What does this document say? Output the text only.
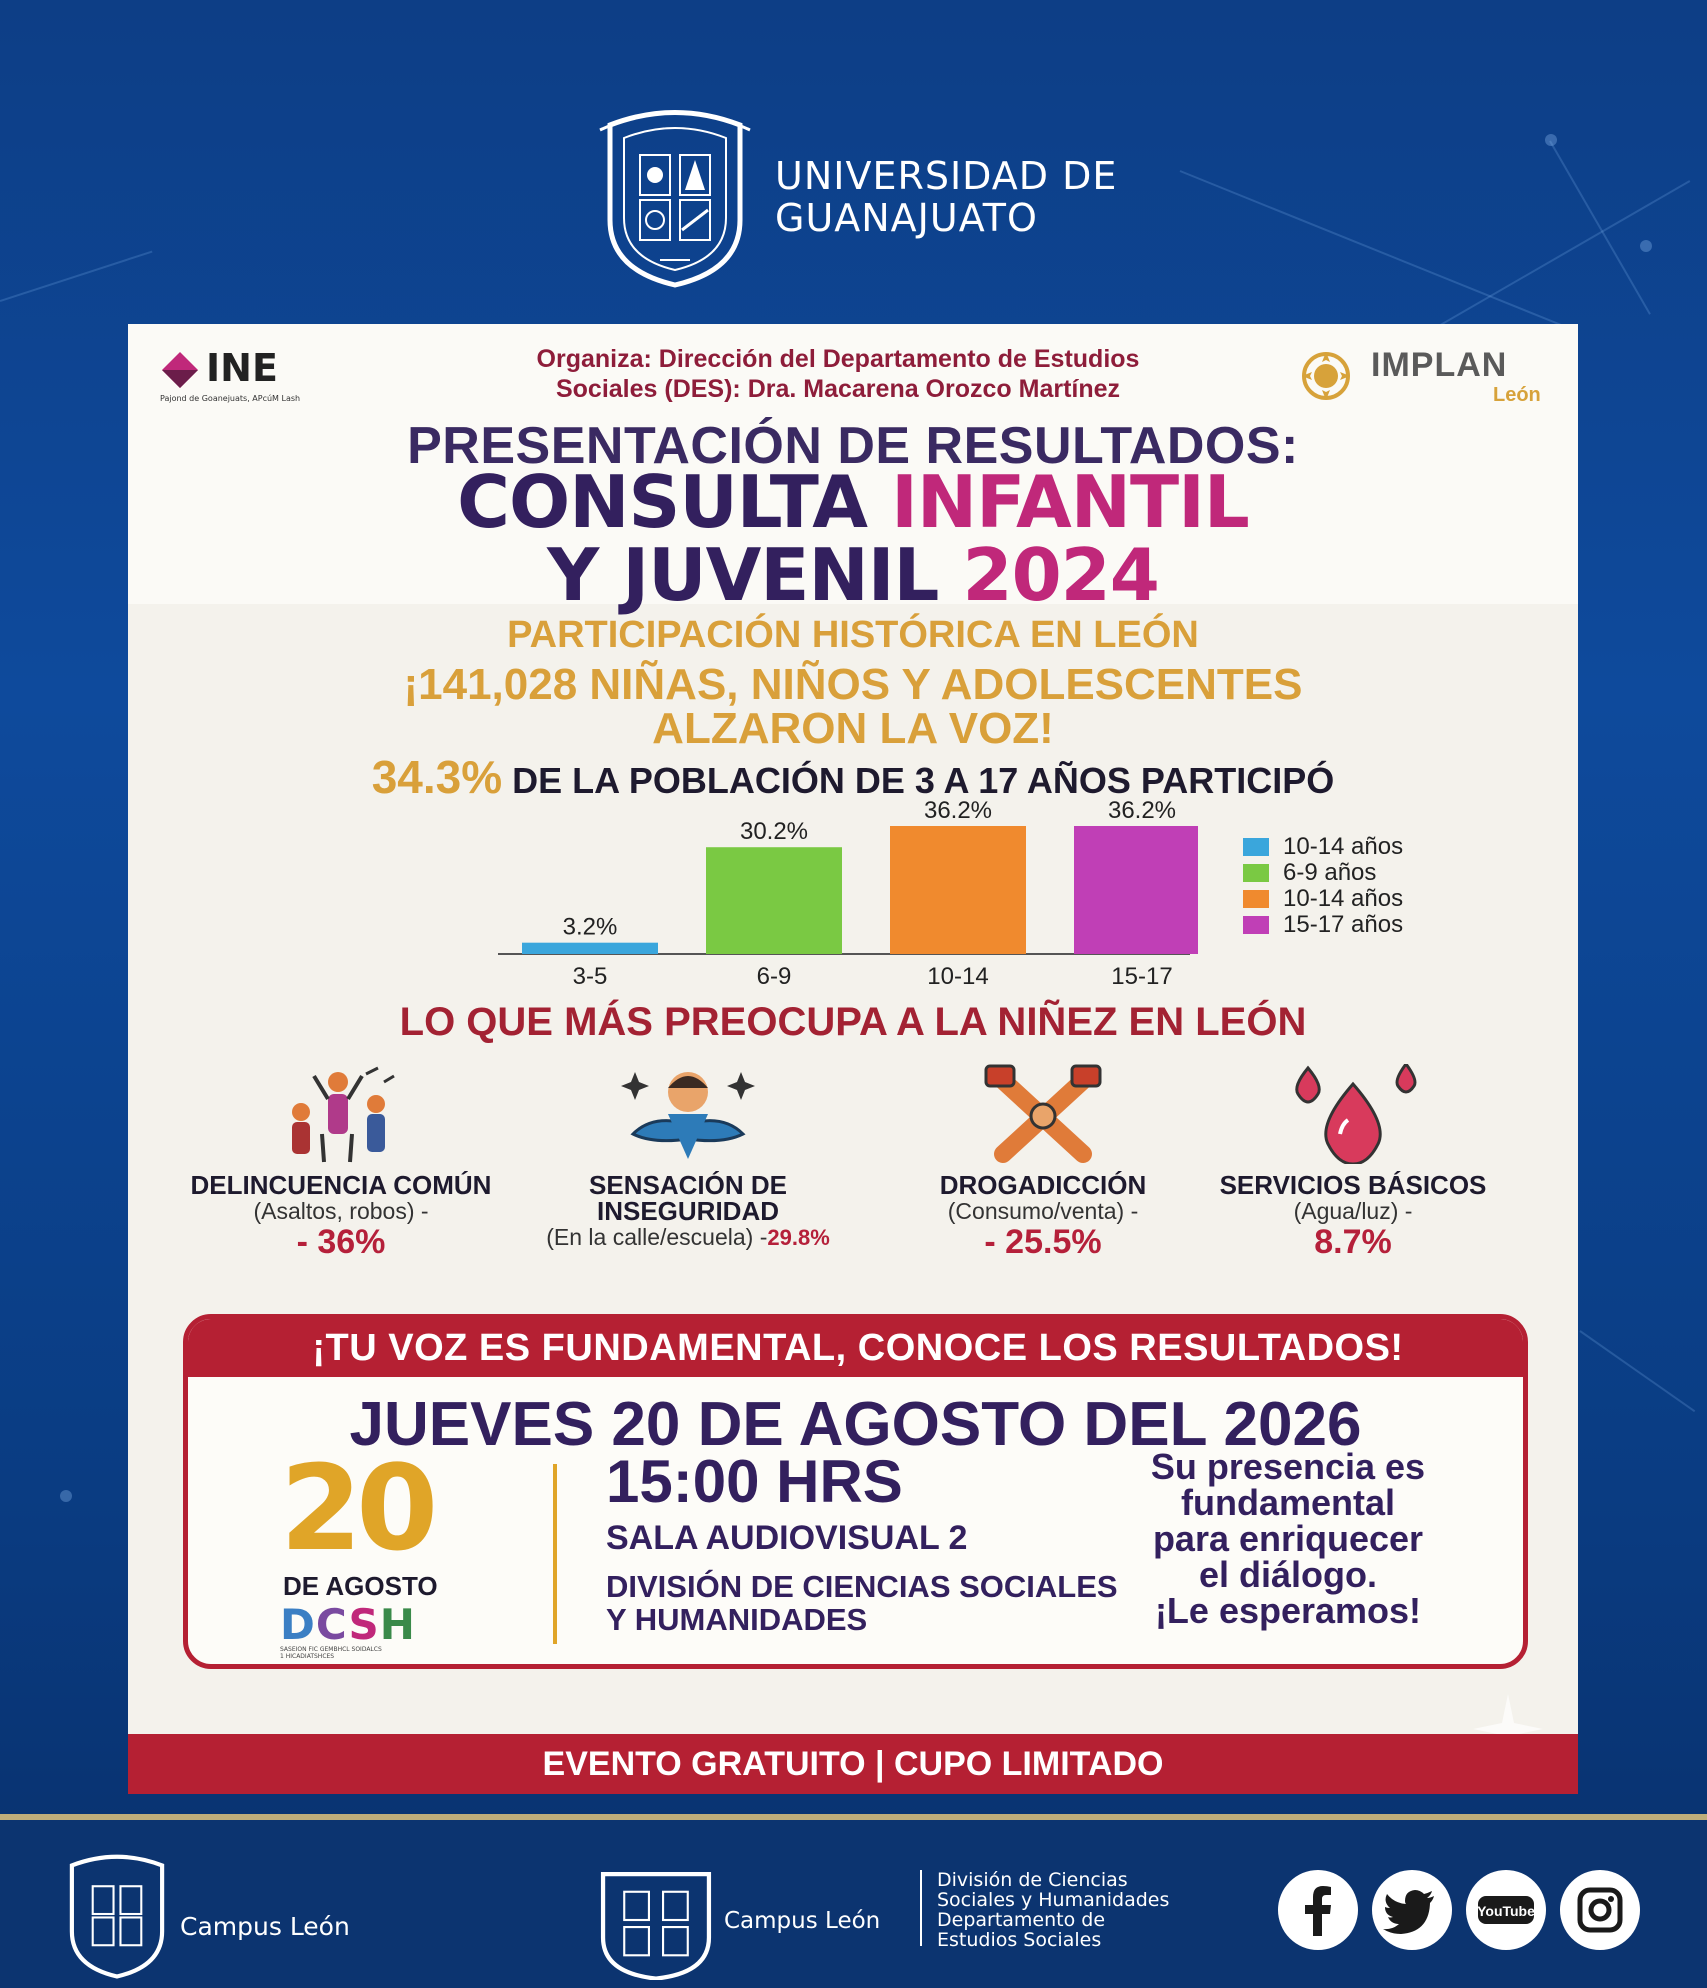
UNIVERSIDAD DE
GUANAJUATO
INE
Pajond de Goanejuats, APcúM Lash
Organiza: Dirección del Departamento de Estudios
Sociales (DES): Dra. Macarena Orozco Martínez
IMPLAN
León
PRESENTACIÓN DE RESULTADOS:
CONSULTA INFANTIL
Y JUVENIL 2024
PARTICIPACIÓN HISTÓRICA EN LEÓN
¡141,028 NIÑAS, NIÑOS Y ADOLESCENTES
ALZARON LA VOZ!
34.3% DE LA POBLACIÓN DE 3 A 17 AÑOS PARTICIPÓ
3.2%
3-5
30.2%
6-9
36.2%
10-14
36.2%
15-17
10-14 años
6-9 años
10-14 años
15-17 años
LO QUE MÁS PREOCUPA A LA NIÑEZ EN LEÓN
DELINCUENCIA COMÚN
(Asaltos, robos) -
- 36%
SENSACIÓN DE
INSEGURIDAD
(En la calle/escuela) -29.8%
DROGADICCIÓN
(Consumo/venta) -
- 25.5%
SERVICIOS BÁSICOS
(Agua/luz) -
8.7%
¡TU VOZ ES FUNDAMENTAL, CONOCE LOS RESULTADOS!
JUEVES 20 DE AGOSTO DEL 2026
20
DE AGOSTO
DCSH
SASEION FIC GEMBHCL SOIDALCS
1 HICADIATSHCES
15:00 HRS
SALA AUDIOVISUAL 2
DIVISIÓN DE CIENCIAS SOCIALES
Y HUMANIDADES
Su presencia es
fundamental
para enriquecer
el diálogo.
¡Le esperamos!
EVENTO GRATUITO | CUPO LIMITADO
Campus León	Campus León
División de Ciencias
Sociales y Humanidades
Departamento de
Estudios Sociales
YouTube
